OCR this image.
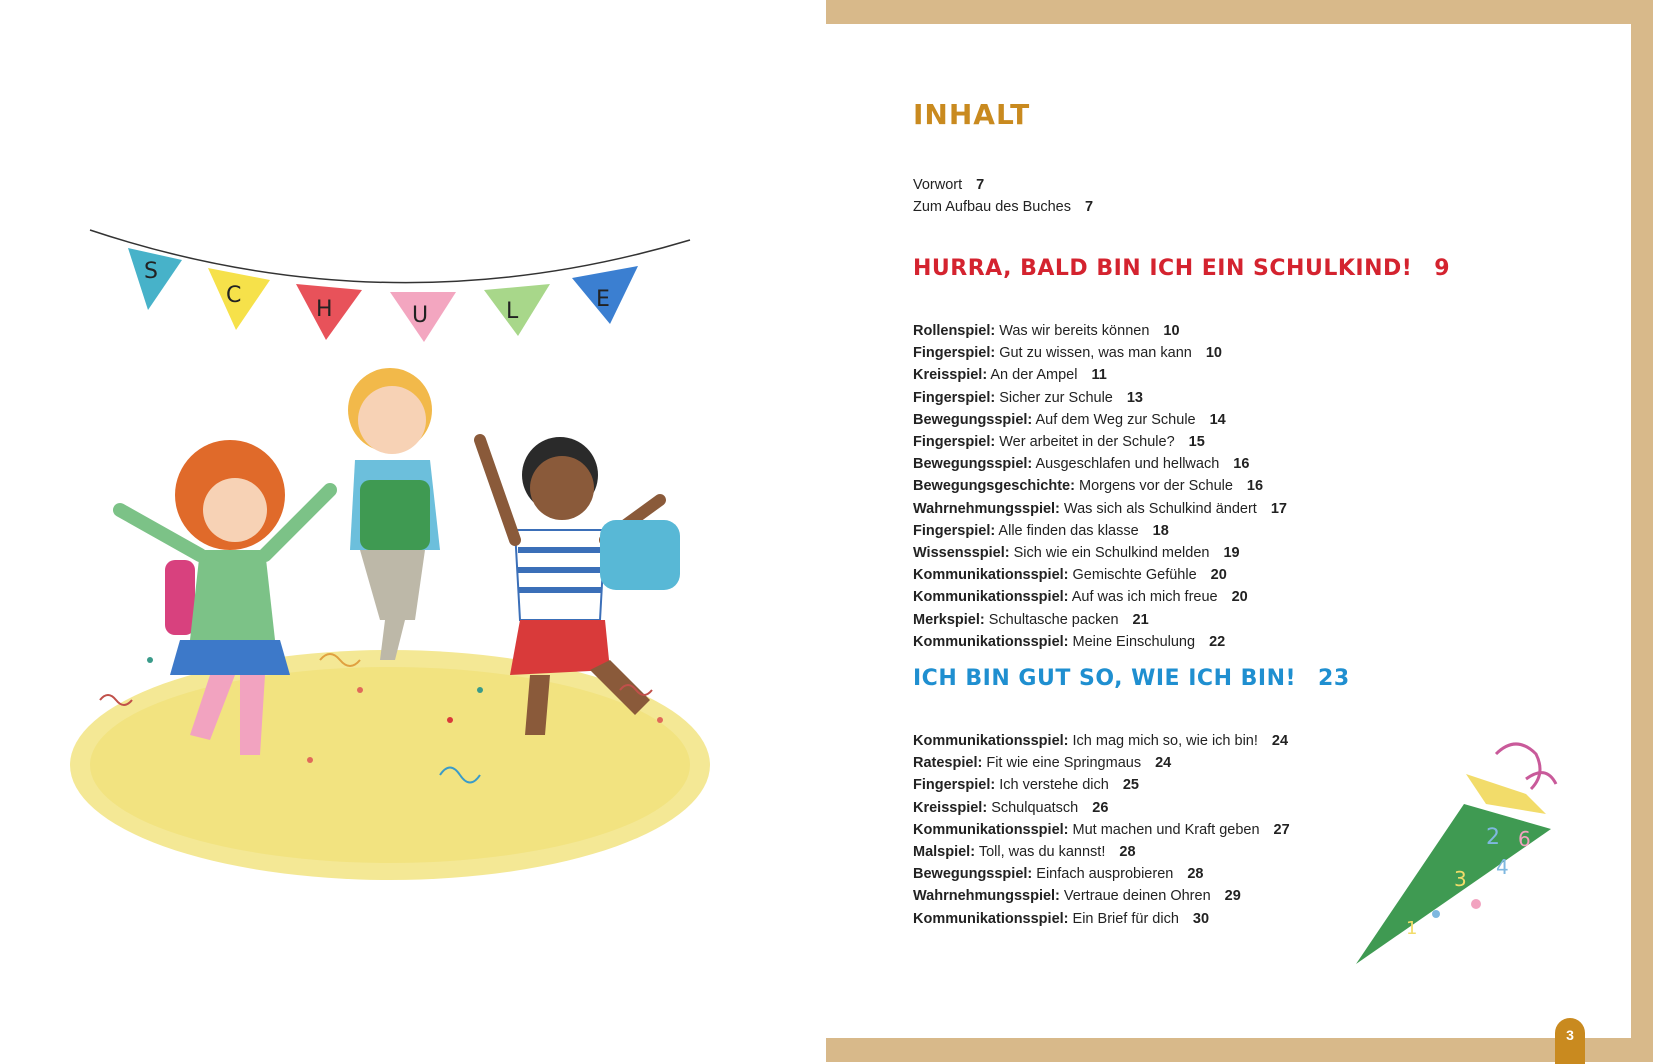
S
C
H	U	L	E
INHALT
Vorwort 7
Zum Aufbau des Buches 7
HURRA, BALD BIN ICH EIN SCHULKIND! 9
Rollenspiel: Was wir bereits können 10
Fingerspiel: Gut zu wissen, was man kann 10
Kreisspiel: An der Ampel 11
Fingerspiel: Sicher zur Schule 13
Bewegungsspiel: Auf dem Weg zur Schule 14
Fingerspiel: Wer arbeitet in der Schule? 15
Bewegungsspiel: Ausgeschlafen und hellwach 16
Bewegungsgeschichte: Morgens vor der Schule 16
Wahrnehmungsspiel: Was sich als Schulkind ändert 17
Fingerspiel: Alle finden das klasse 18
Wissensspiel: Sich wie ein Schulkind melden 19
Kommunikationsspiel: Gemischte Gefühle 20
Kommunikationsspiel: Auf was ich mich freue 20
Merkspiel: Schultasche packen 21
Kommunikationsspiel: Meine Einschulung 22
ICH BIN GUT SO, WIE ICH BIN! 23
Kommunikationsspiel: Ich mag mich so, wie ich bin! 24
Ratespiel: Fit wie eine Springmaus 24
Fingerspiel: Ich verstehe dich 25
Kreisspiel: Schulquatsch 26
Kommunikationsspiel: Mut machen und Kraft geben 27
Malspiel: Toll, was du kannst! 28
Bewegungsspiel: Einfach ausprobieren 28
Wahrnehmungsspiel: Vertraue deinen Ohren 29
Kommunikationsspiel: Ein Brief für dich 30
2 6
4
3
1
3
